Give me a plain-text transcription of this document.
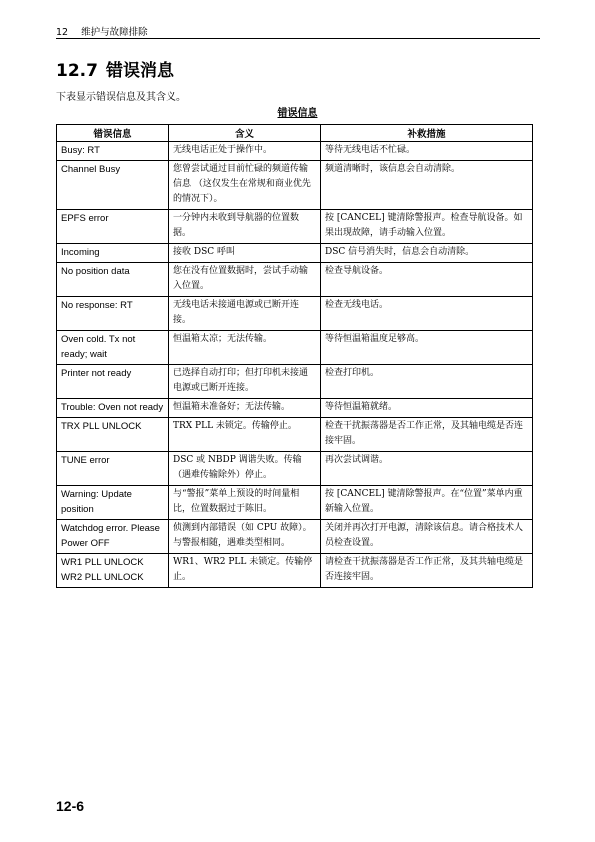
12 维护与故障排除
12.7 错误消息
下表显示错误信息及其含义。
错误信息
错误信息	含义	补救措施
Busy: RT	无线电话正处于操作中。	等待无线电话不忙碌。
Channel Busy	您曾尝试通过目前忙碌的频道传输信息 （这仅发生在常规和商业优先的情况下）。	频道清晰时，该信息会自动清除。
EPFS error	一分钟内未收到导航器的位置数据。	按 [CANCEL] 键清除警报声。检查导航设备。如果出现故障，请手动输入位置。
Incoming	接收 DSC 呼叫	DSC 信号消失时，信息会自动清除。
No position data	您在没有位置数据时，尝试手动输入位置。	检查导航设备。
No response: RT	无线电话未接通电源或已断开连接。	检查无线电话。
Oven cold. Tx not ready; wait	恒温箱太凉；无法传输。	等待恒温箱温度足够高。
Printer not ready	已选择自动打印；但打印机未接通电源或已断开连接。	检查打印机。
Trouble: Oven not ready	恒温箱未准备好；无法传输。	等待恒温箱就绪。
TRX PLL UNLOCK	TRX PLL 未锁定。传输停止。	检查干扰振荡器是否工作正常，及其轴电缆是否连接牢固。
TUNE error	DSC 或 NBDP 调谐失败。传输（遇难传输除外）停止。	再次尝试调谐。
Warning: Update position	与“警报”菜单上预设的时间量相比，位置数据过于陈旧。	按 [CANCEL] 键清除警报声。在“位置”菜单内重新输入位置。
Watchdog error. Please Power OFF	侦测到内部错误（如 CPU 故障）。与警报相随，遇难类型相同。	关闭并再次打开电源，清除该信息。请合格技术人员检查设置。
WR1 PLL UNLOCK WR2 PLL UNLOCK	WR1、WR2 PLL 未锁定。传输停止。	请检查干扰振荡器是否工作正常，及其共轴电缆是否连接牢固。
12-6
